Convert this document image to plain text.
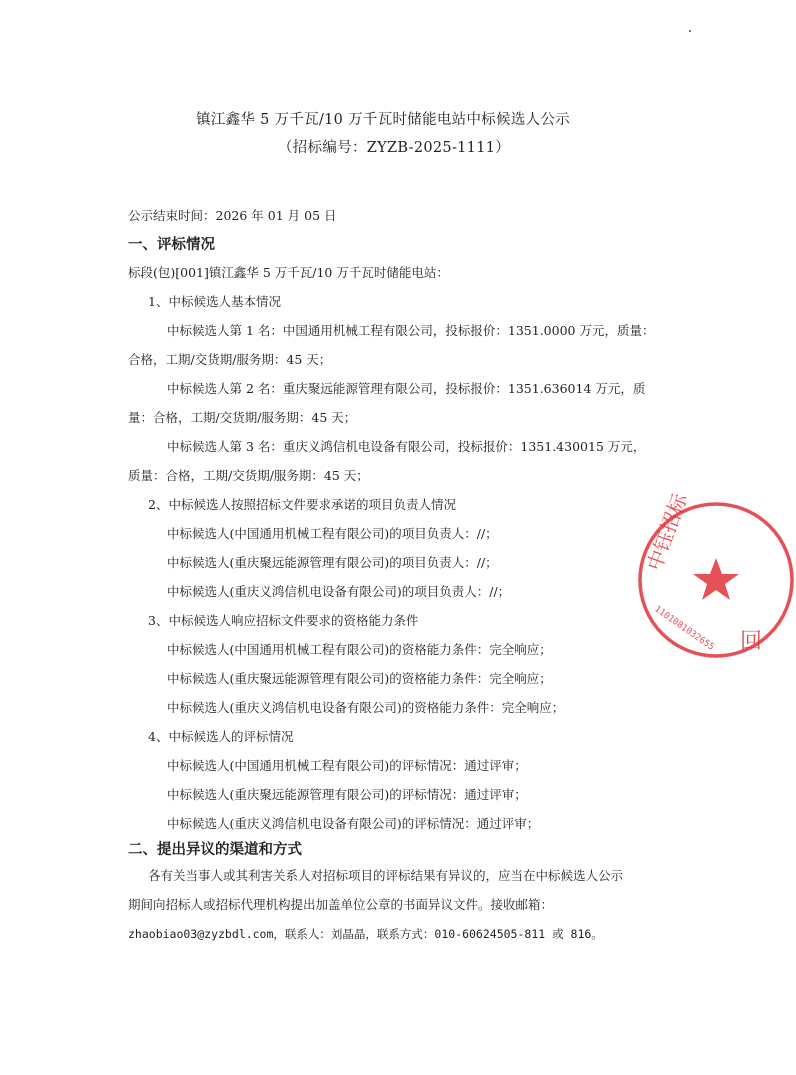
镇江鑫华 5 万千瓦/10 万千瓦时储能电站中标候选人公示
（招标编号：ZYZB-2025-1111）
公示结束时间：2026 年 01 月 05 日
一、评标情况
标段(包)[001]镇江鑫华 5 万千瓦/10 万千瓦时储能电站：
1、中标候选人基本情况
中标候选人第 1 名：中国通用机械工程有限公司，投标报价：1351.0000 万元，质量：
合格，工期/交货期/服务期：45 天；
中标候选人第 2 名：重庆聚远能源管理有限公司，投标报价：1351.636014 万元，质
量：合格，工期/交货期/服务期：45 天；
中标候选人第 3 名：重庆义鸿信机电设备有限公司，投标报价：1351.430015 万元，
质量：合格，工期/交货期/服务期：45 天；
2、中标候选人按照招标文件要求承诺的项目负责人情况
中标候选人(中国通用机械工程有限公司)的项目负责人：//；
中标候选人(重庆聚远能源管理有限公司)的项目负责人：//；
中标候选人(重庆义鸿信机电设备有限公司)的项目负责人：//；
3、中标候选人响应招标文件要求的资格能力条件
中标候选人(中国通用机械工程有限公司)的资格能力条件：完全响应；
中标候选人(重庆聚远能源管理有限公司)的资格能力条件：完全响应；
中标候选人(重庆义鸿信机电设备有限公司)的资格能力条件：完全响应；
4、中标候选人的评标情况
中标候选人(中国通用机械工程有限公司)的评标情况：通过评审；
中标候选人(重庆聚远能源管理有限公司)的评标情况：通过评审；
中标候选人(重庆义鸿信机电设备有限公司)的评标情况：通过评审；
二、提出异议的渠道和方式
各有关当事人或其利害关系人对招标项目的评标结果有异议的，应当在中标候选人公示
期间向招标人或招标代理机构提出加盖单位公章的书面异议文件。接收邮箱：
zhaobiao03@zyzbdl.com，联系人：刘晶晶，联系方式：010-60624505-811 或 816。
中钰招标
回
1101081032655
